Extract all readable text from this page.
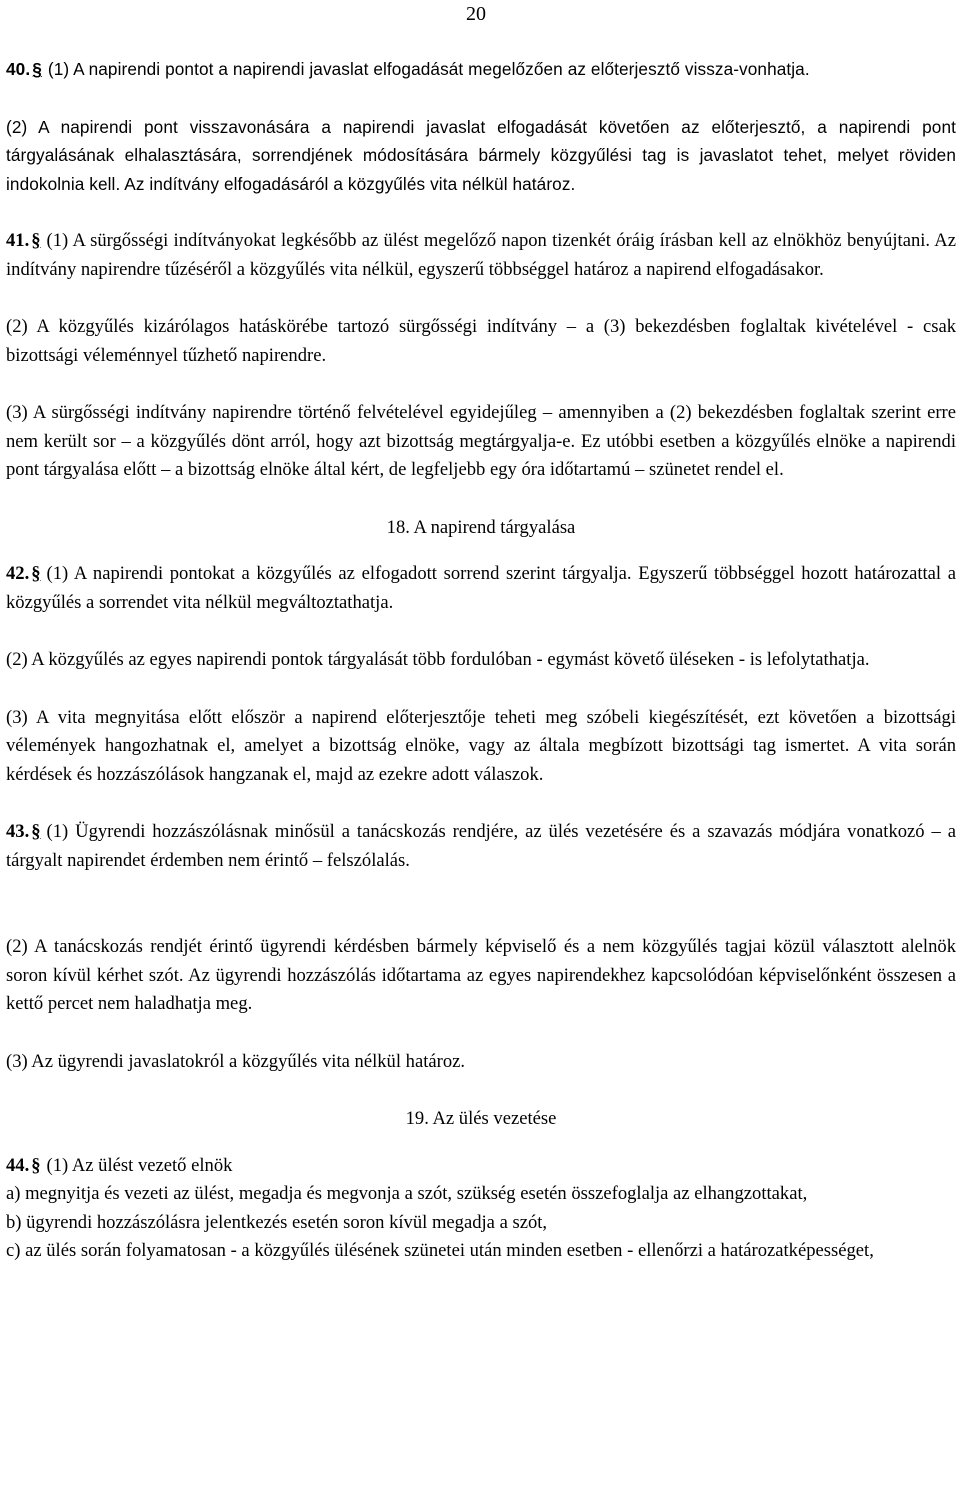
20

40. § (1) A napirendi pontot a napirendi javaslat elfogadását megelőzően az előterjesztő vissza-vonhatja.

(2) A napirendi pont visszavonására a napirendi javaslat elfogadását követően az előterjesztő, a napirendi pont tárgyalásának elhalasztására, sorrendjének módosítására bármely közgyűlési tag is javaslatot tehet, melyet röviden indokolnia kell. Az indítvány elfogadásáról a közgyűlés vita nélkül határoz.

41. § (1) A sürgősségi indítványokat legkésőbb az ülést megelőző napon tizenkét óráig írásban kell az elnökhöz benyújtani. Az indítvány napirendre tűzéséről a közgyűlés vita nélkül, egyszerű többséggel határoz a napirend elfogadásakor.

(2) A közgyűlés kizárólagos hatáskörébe tartozó sürgősségi indítvány – a (3) bekezdésben foglaltak kivételével - csak bizottsági véleménnyel tűzhető napirendre.

(3) A sürgősségi indítvány napirendre történő felvételével egyidejűleg – amennyiben a (2) bekezdésben foglaltak szerint erre nem került sor – a közgyűlés dönt arról, hogy azt bizottság megtárgyalja-e. Ez utóbbi esetben a közgyűlés elnöke a napirendi pont tárgyalása előtt – a bizottság elnöke által kért, de legfeljebb egy óra időtartamú – szünetet rendel el.

18. A napirend tárgyalása

42. § (1) A napirendi pontokat a közgyűlés az elfogadott sorrend szerint tárgyalja. Egyszerű többséggel hozott határozattal a közgyűlés a sorrendet vita nélkül megváltoztathatja.

(2) A közgyűlés az egyes napirendi pontok tárgyalását több fordulóban - egymást követő üléseken - is lefolytathatja.

(3) A vita megnyitása előtt először a napirend előterjesztője teheti meg szóbeli kiegészítését, ezt követően a bizottsági vélemények hangozhatnak el, amelyet a bizottság elnöke, vagy az általa megbízott bizottsági tag ismertet. A vita során kérdések és hozzászólások hangzanak el, majd az ezekre adott válaszok.

43. § (1) Ügyrendi hozzászólásnak minősül a tanácskozás rendjére, az ülés vezetésére és a szavazás módjára vonatkozó – a tárgyalt napirendet érdemben nem érintő – felszólalás.

(2) A tanácskozás rendjét érintő ügyrendi kérdésben bármely képviselő és a nem közgyűlés tagjai közül választott alelnök soron kívül kérhet szót. Az ügyrendi hozzászólás időtartama az egyes napirendekhez kapcsolódóan képviselőnként összesen a kettő percet nem haladhatja meg.

(3) Az ügyrendi javaslatokról a közgyűlés vita nélkül határoz.

19. Az ülés vezetése

44. § (1) Az ülést vezető elnök

a) megnyitja és vezeti az ülést, megadja és megvonja a szót, szükség esetén összefoglalja az elhangzottakat,

b) ügyrendi hozzászólásra jelentkezés esetén soron kívül megadja a szót,

c) az ülés során folyamatosan - a közgyűlés ülésének szünetei után minden esetben - ellenőrzi a határozatképességet,
